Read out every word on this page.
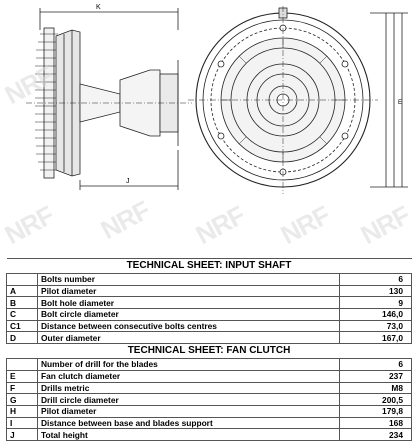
K
J
E
NRF
NRF NRF NRF NRF NRF
TECHNICAL SHEET: INPUT SHAFT		
	Bolts number	6
A	Pilot diameter	130
B	Bolt hole diameter	9
C	Bolt circle diameter	146,0
C1	Distance between consecutive bolts centres	73,0
D	Outer diameter	167,0
TECHNICAL SHEET: FAN CLUTCH		
	Number of drill for the blades	6
E	Fan clutch diameter	237
F	Drills metric	M8
G	Drill circle diameter	200,5
H	Pilot diameter	179,8
I	Distance between base and blades support	168
J	Total height	234
